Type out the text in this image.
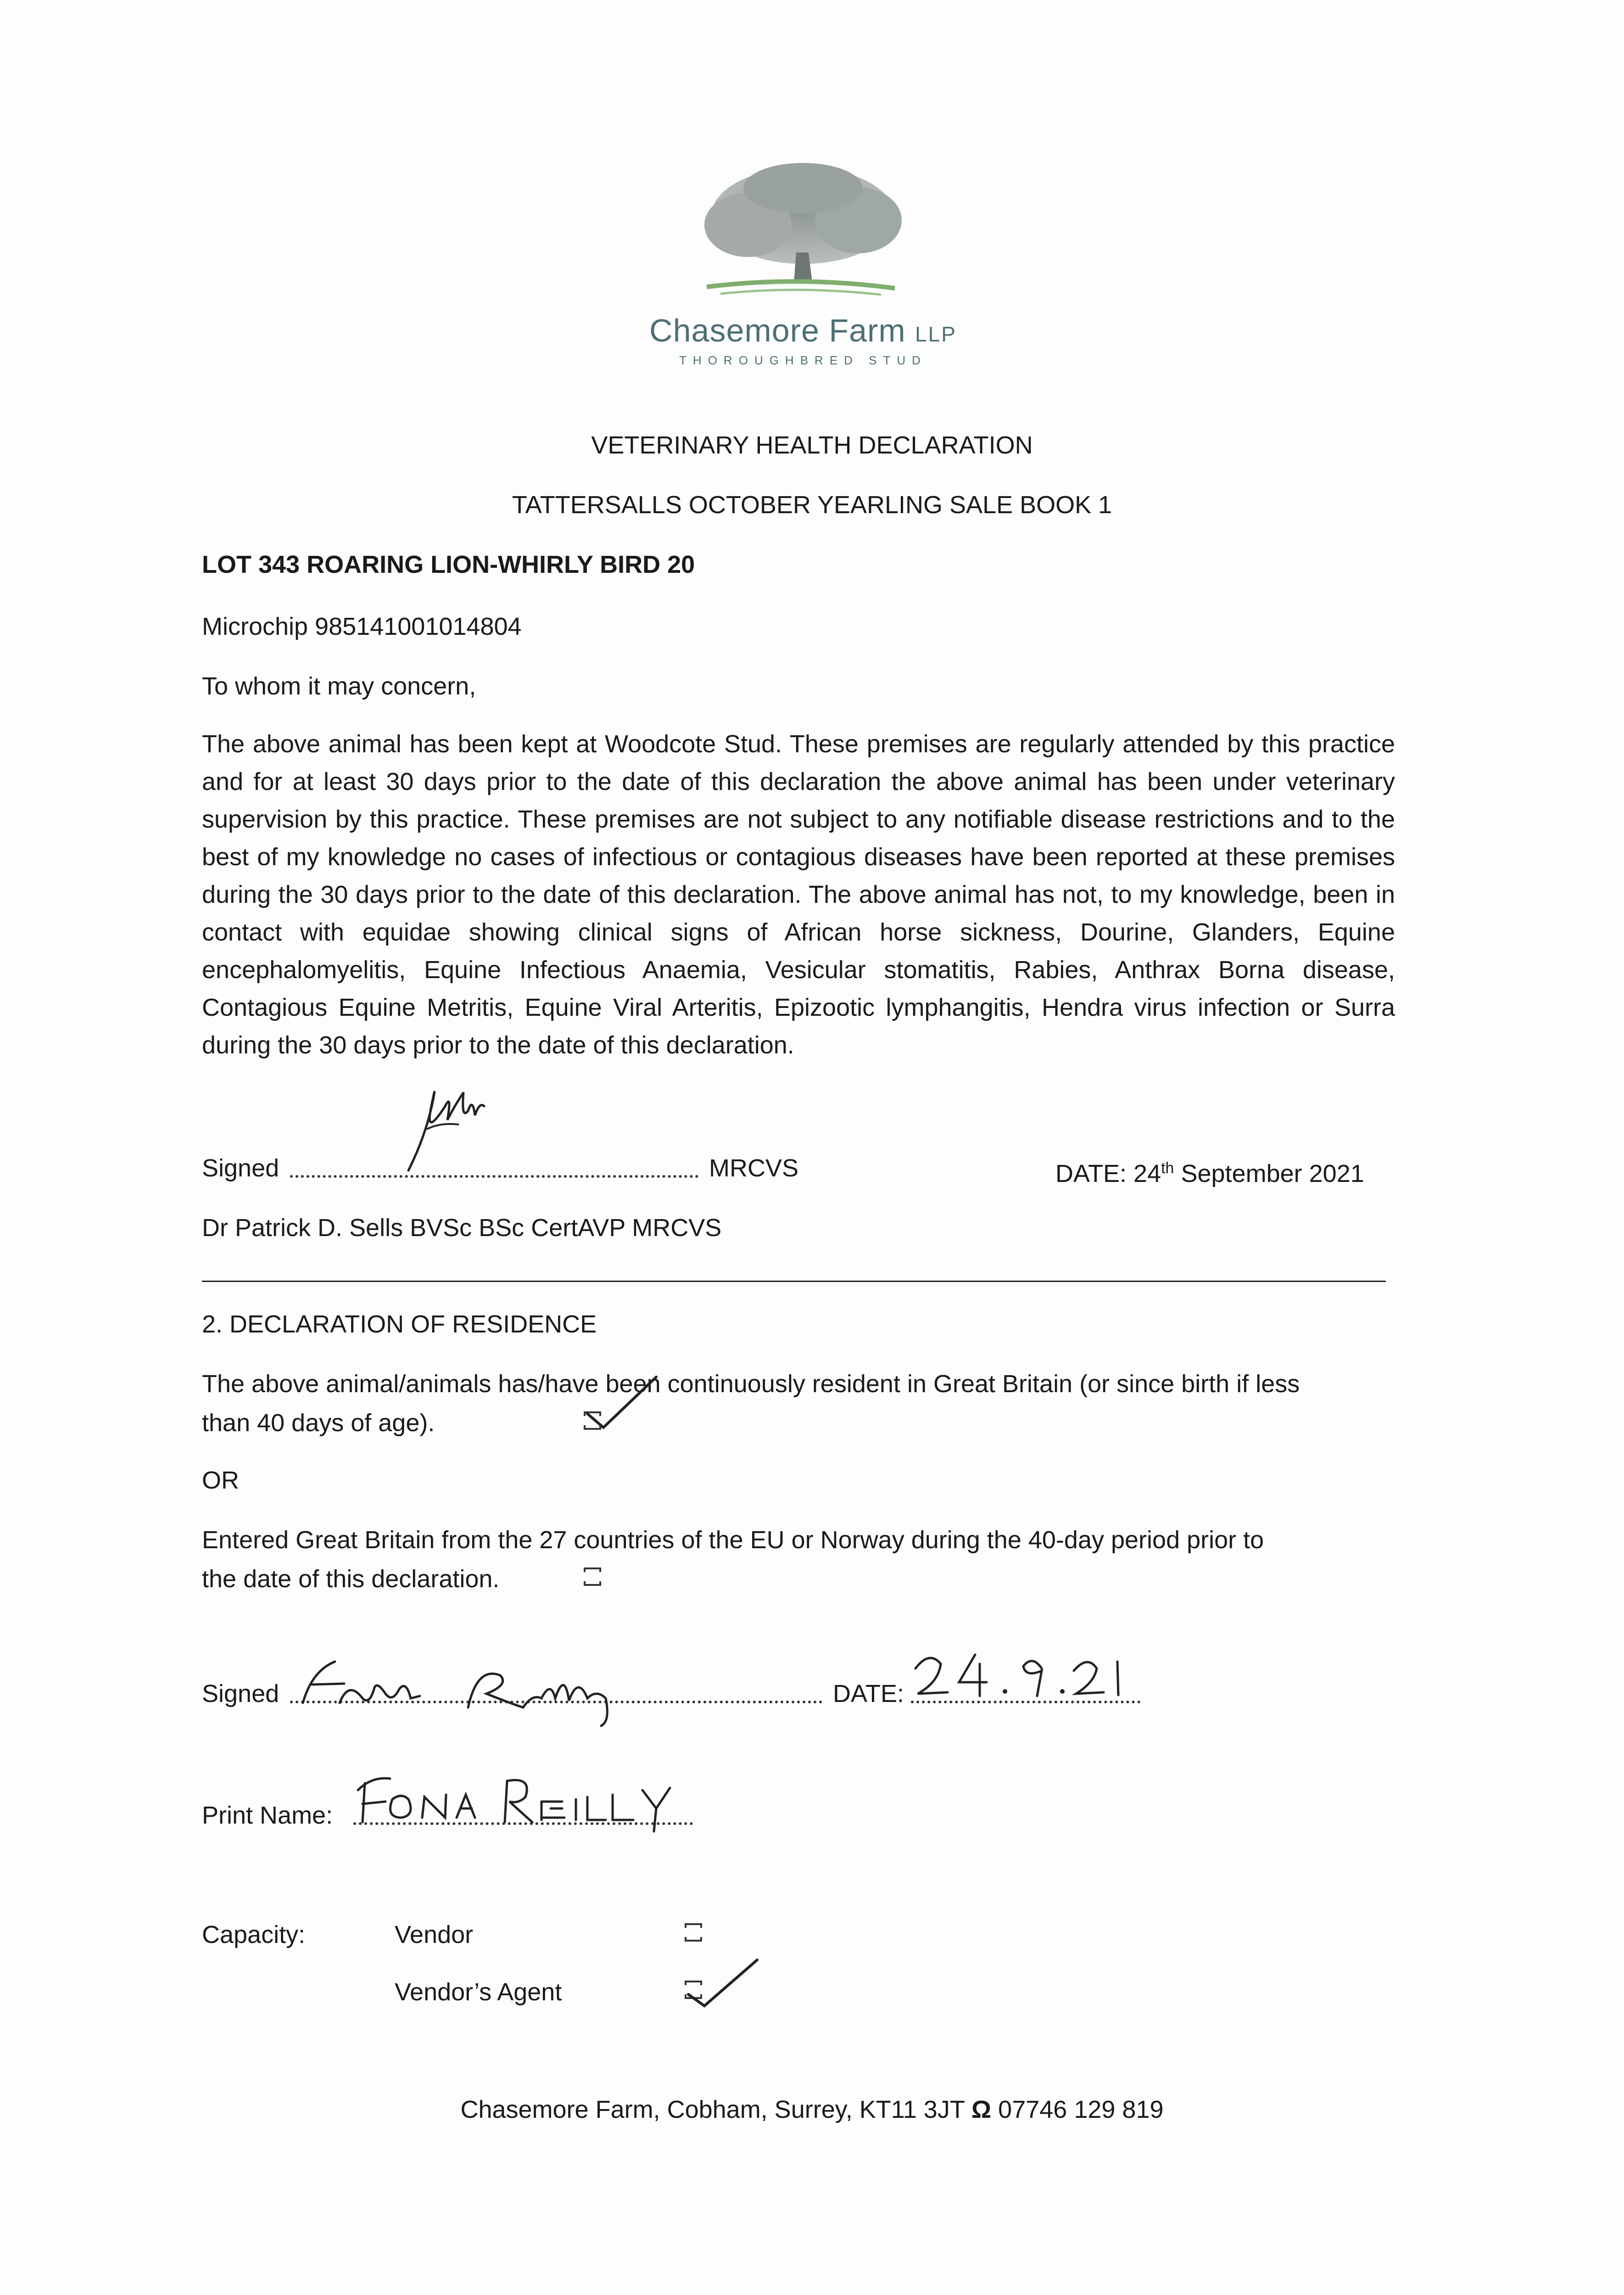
Chasemore Farm LLP
THOROUGHBRED STUD
VETERINARY HEALTH DECLARATION
TATTERSALLS OCTOBER YEARLING SALE BOOK 1
LOT 343 ROARING LION-WHIRLY BIRD 20
Microchip 985141001014804
To whom it may concern,
The above animal has been kept at Woodcote Stud. These premises are regularly attended by this practice and for at least 30 days prior to the date of this declaration the above animal has been under veterinary supervision by this practice. These premises are not subject to any notifiable disease restrictions and to the best of my knowledge no cases of infectious or contagious diseases have been reported at these premises during the 30 days prior to the date of this declaration. The above animal has not, to my knowledge, been in contact with equidae showing clinical signs of African horse sickness, Dourine, Glanders, Equine encephalomyelitis, Equine Infectious Anaemia, Vesicular stomatitis, Rabies, Anthrax Borna disease, Contagious Equine Metritis, Equine Viral Arteritis, Epizootic lymphangitis, Hendra virus infection or Surra during the 30 days prior to the date of this declaration.
Signed	MRCVS	DATE: 24th September 2021
Dr Patrick D. Sells BVSc BSc CertAVP MRCVS
2. DECLARATION OF RESIDENCE
The above animal/animals has/have been continuously resident in Great Britain (or since birth if less
than 40 days of age).
OR
Entered Great Britain from the 27 countries of the EU or Norway during the 40-day period prior to
the date of this declaration.
Signed	DATE:
Print Name:
Capacity:	Vendor
Vendor’s Agent
Chasemore Farm, Cobham, Surrey, KT11 3JT Ω 07746 129 819
